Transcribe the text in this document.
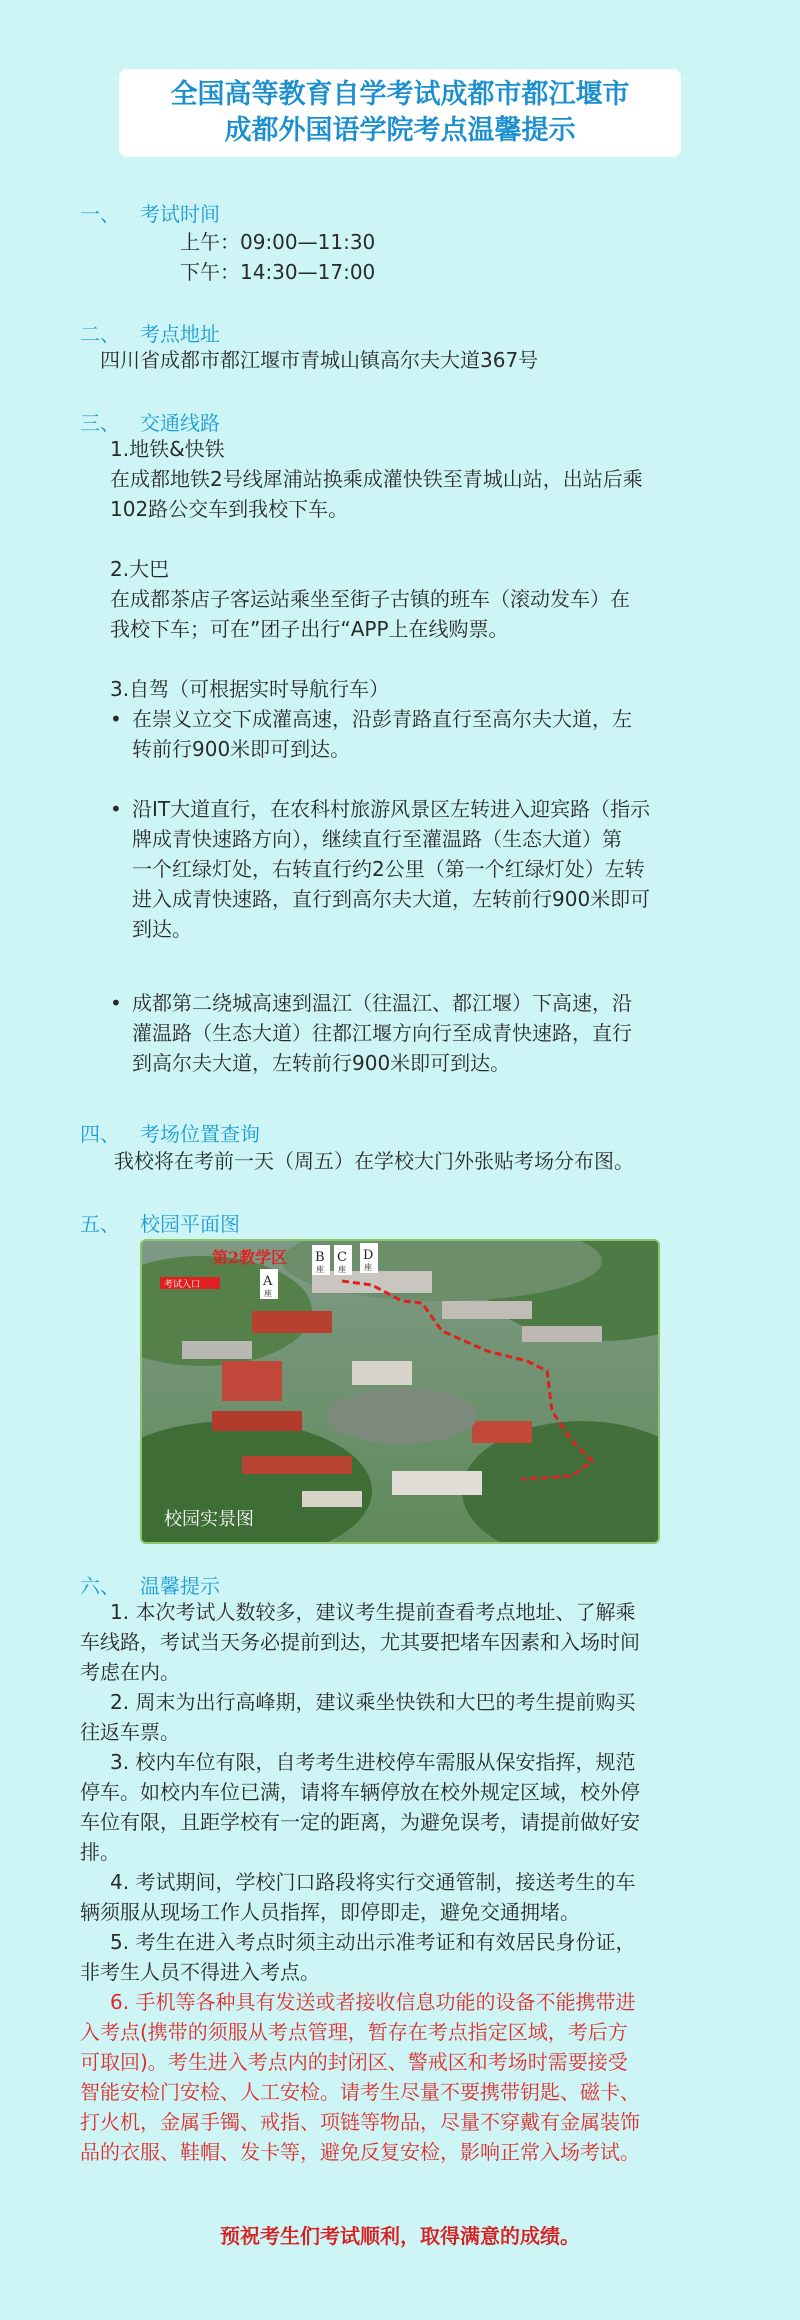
全国高等教育自学考试成都市都江堰市
成都外国语学院考点温馨提示
一、 考试时间
上午：09:00—11:30
下午：14:30—17:00
二、 考点地址
四川省成都市都江堰市青城山镇高尔夫大道367号
三、 交通线路
1.地铁&快铁
在成都地铁2号线犀浦站换乘成灌快铁至青城山站，出站后乘
102路公交车到我校下车。
2.大巴
在成都茶店子客运站乘坐至街子古镇的班车（滚动发车）在
我校下车；可在”团子出行“APP上在线购票。
3.自驾（可根据实时导航行车）
• 在崇义立交下成灌高速，沿彭青路直行至高尔夫大道，左
转前行900米即可到达。
• 沿IT大道直行，在农科村旅游风景区左转进入迎宾路（指示
牌成青快速路方向），继续直行至灌温路（生态大道）第
一个红绿灯处，右转直行约2公里（第一个红绿灯处）左转
进入成青快速路，直行到高尔夫大道，左转前行900米即可
到达。
• 成都第二绕城高速到温江（往温江、都江堰）下高速，沿
灌温路（生态大道）往都江堰方向行至成青快速路，直行
到高尔夫大道，左转前行900米即可到达。
四、 考场位置查询
我校将在考前一天（周五）在学校大门外张贴考场分布图。
五、 校园平面图
第2教学区
考试入口	A
座
B
座
C
座
D
座
校园实景图
六、 温馨提示
1. 本次考试人数较多，建议考生提前查看考点地址、了解乘
车线路，考试当天务必提前到达，尤其要把堵车因素和入场时间
考虑在内。
2. 周末为出行高峰期，建议乘坐快铁和大巴的考生提前购买
往返车票。
3. 校内车位有限，自考考生进校停车需服从保安指挥，规范
停车。如校内车位已满，请将车辆停放在校外规定区域，校外停
车位有限，且距学校有一定的距离，为避免误考，请提前做好安
排。
4. 考试期间，学校门口路段将实行交通管制，接送考生的车
辆须服从现场工作人员指挥，即停即走，避免交通拥堵。
5. 考生在进入考点时须主动出示准考证和有效居民身份证，
非考生人员不得进入考点。
6. 手机等各种具有发送或者接收信息功能的设备不能携带进
入考点(携带的须服从考点管理，暂存在考点指定区域，考后方
可取回)。考生进入考点内的封闭区、警戒区和考场时需要接受
智能安检门安检、人工安检。请考生尽量不要携带钥匙、磁卡、
打火机，金属手镯、戒指、项链等物品，尽量不穿戴有金属装饰
品的衣服、鞋帽、发卡等，避免反复安检，影响正常入场考试。
预祝考生们考试顺利，取得满意的成绩。
